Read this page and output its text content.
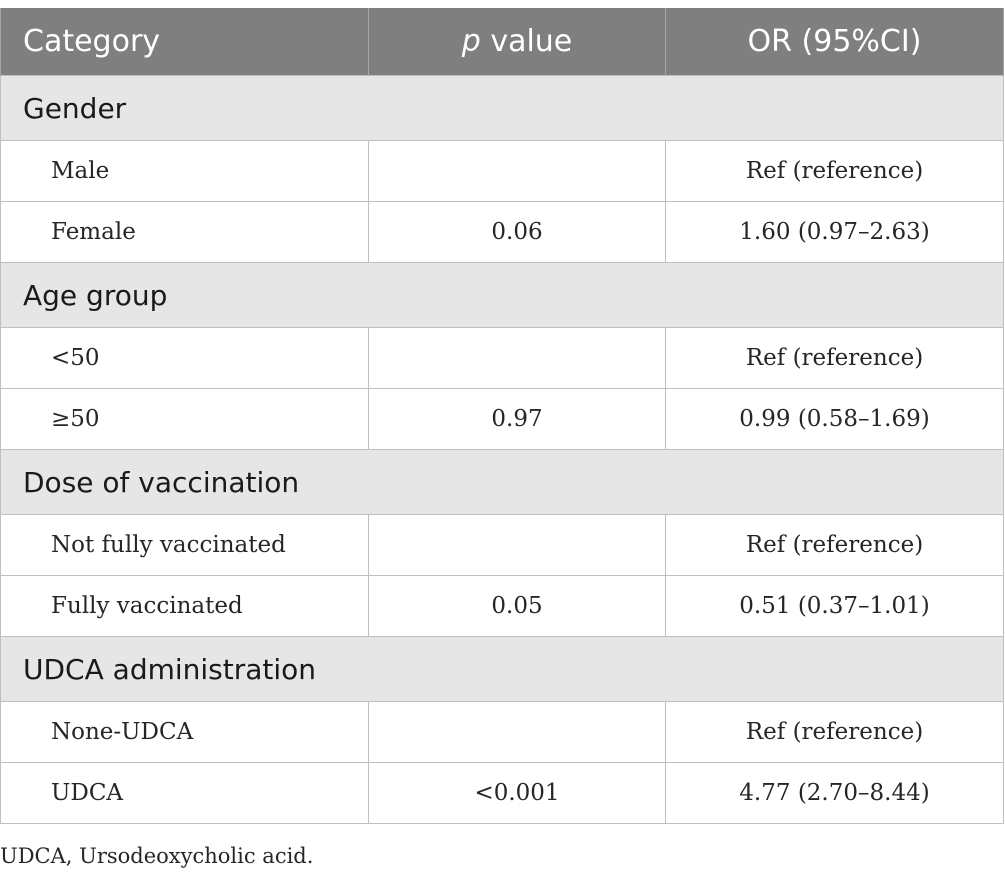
Category	p value	OR (95%CI)
Gender		
Male		Ref (reference)
Female	0.06	1.60 (0.97–2.63)
Age group		
<50		Ref (reference)
≥50	0.97	0.99 (0.58–1.69)
Dose of vaccination		
Not fully vaccinated		Ref (reference)
Fully vaccinated	0.05	0.51 (0.37–1.01)
UDCA administration		
None-UDCA		Ref (reference)
UDCA	<0.001	4.77 (2.70–8.44)

UDCA, Ursodeoxycholic acid.
